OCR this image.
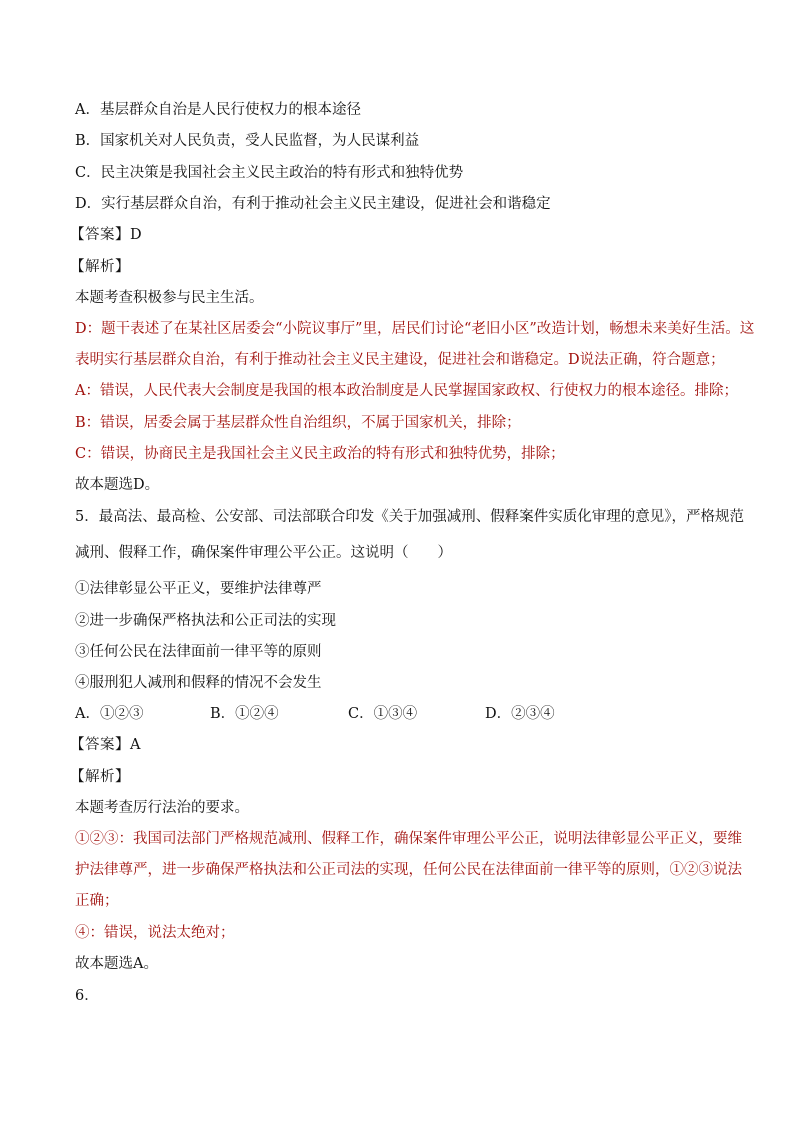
A．基层群众自治是人民行使权力的根本途径
B．国家机关对人民负责，受人民监督，为人民谋利益
C．民主决策是我国社会主义民主政治的特有形式和独特优势
D．实行基层群众自治，有利于推动社会主义民主建设，促进社会和谐稳定
【答案】D
【解析】
本题考查积极参与民主生活。
D：题干表述了在某社区居委会“小院议事厅”里，居民们讨论“老旧小区”改造计划，畅想未来美好生活。这
表明实行基层群众自治，有利于推动社会主义民主建设，促进社会和谐稳定。D说法正确，符合题意；
A：错误，人民代表大会制度是我国的根本政治制度是人民掌握国家政权、行使权力的根本途径。排除；
B：错误，居委会属于基层群众性自治组织，不属于国家机关，排除；
C：错误，协商民主是我国社会主义民主政治的特有形式和独特优势，排除；
故本题选D。
5．最高法、最高检、公安部、司法部联合印发《关于加强减刑、假释案件实质化审理的意见》，严格规范
减刑、假释工作，确保案件审理公平公正。这说明（　　）
①法律彰显公平正义，要维护法律尊严
②进一步确保严格执法和公正司法的实现
③任何公民在法律面前一律平等的原则
④服刑犯人减刑和假释的情况不会发生
A．①②③	B．①②④	C．①③④	D．②③④
【答案】A
【解析】
本题考查厉行法治的要求。
①②③：我国司法部门严格规范减刑、假释工作，确保案件审理公平公正，说明法律彰显公平正义，要维
护法律尊严，进一步确保严格执法和公正司法的实现，任何公民在法律面前一律平等的原则，①②③说法
正确；
④：错误，说法太绝对；
故本题选A。
6．
